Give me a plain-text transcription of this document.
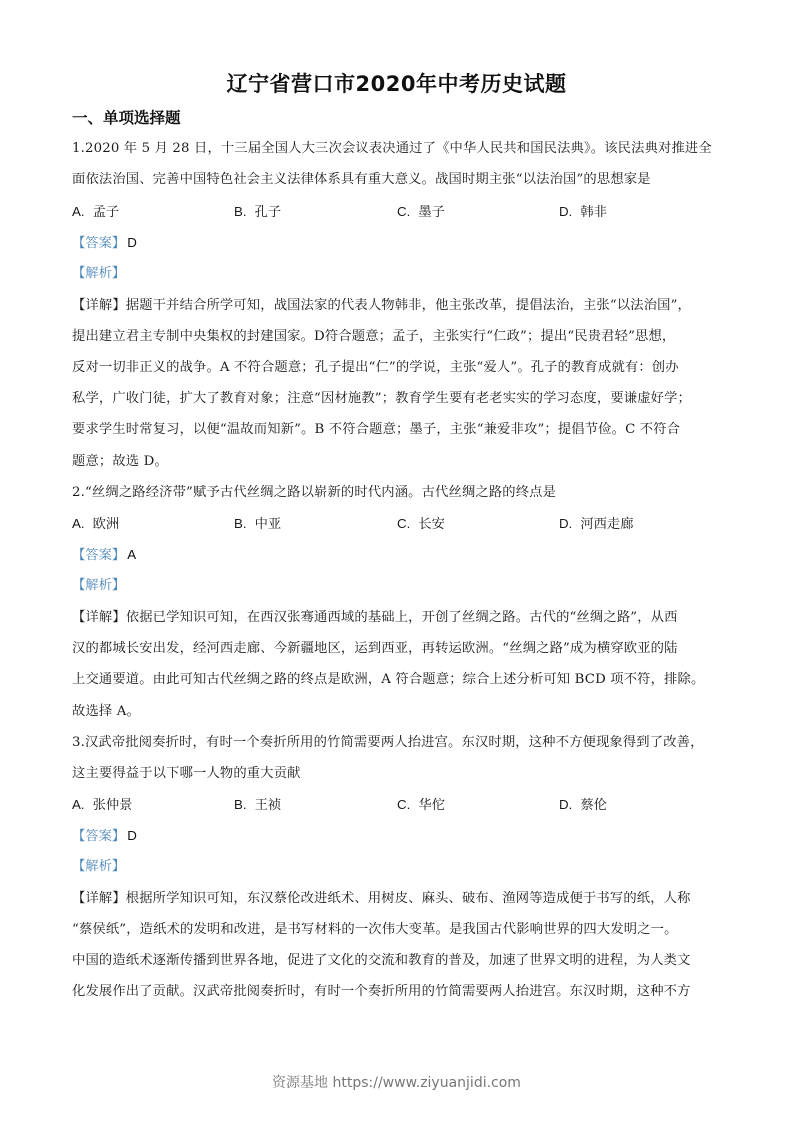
辽宁省营口市2020年中考历史试题
一、单项选择题
1.2020 年 5 月 28 日，十三届全国人大三次会议表决通过了《中华人民共和国民法典》。该民法典对推进全
面依法治国、完善中国特色社会主义法律体系具有重大意义。战国时期主张“以法治国”的思想家是
A. 孟子	B. 孔子	C. 墨子	D. 韩非
【答案】 D
【解析】
【详解】据题干并结合所学可知，战国法家的代表人物韩非，他主张改革，提倡法治，主张“以法治国”，
提出建立君主专制中央集权的封建国家。D符合题意；孟子，主张实行“仁政”；提出“民贵君轻”思想，
反对一切非正义的战争。A 不符合题意；孔子提出“仁”的学说，主张“爱人”。孔子的教育成就有：创办
私学，广收门徒，扩大了教育对象；注意“因材施教”；教育学生要有老老实实的学习态度，要谦虚好学；
要求学生时常复习，以便“温故而知新”。B 不符合题意；墨子，主张“兼爱非攻”；提倡节俭。C 不符合
题意；故选 D。
2.“丝绸之路经济带”赋予古代丝绸之路以崭新的时代内涵。古代丝绸之路的终点是
A. 欧洲	B. 中亚	C. 长安	D. 河西走廊
【答案】 A
【解析】
【详解】依据已学知识可知，在西汉张骞通西域的基础上，开创了丝绸之路。古代的“丝绸之路”，从西
汉的都城长安出发，经河西走廊、今新疆地区，运到西亚，再转运欧洲。“丝绸之路”成为横穿欧亚的陆
上交通要道。由此可知古代丝绸之路的终点是欧洲，A 符合题意；综合上述分析可知 BCD 项不符，排除。
故选择 A。
3.汉武帝批阅奏折时，有时一个奏折所用的竹简需要两人抬进宫。东汉时期，这种不方便现象得到了改善，
这主要得益于以下哪一人物的重大贡献
A. 张仲景	B. 王祯	C. 华佗	D. 蔡伦
【答案】 D
【解析】
【详解】根据所学知识可知，东汉蔡伦改进纸术、用树皮、麻头、破布、渔网等造成便于书写的纸，人称
“蔡侯纸”，造纸术的发明和改进，是书写材料的一次伟大变革。是我国古代影响世界的四大发明之一。
中国的造纸术逐渐传播到世界各地，促进了文化的交流和教育的普及，加速了世界文明的进程，为人类文
化发展作出了贡献。汉武帝批阅奏折时，有时一个奏折所用的竹简需要两人抬进宫。东汉时期，这种不方
资源基地 https://www.ziyuanjidi.com
